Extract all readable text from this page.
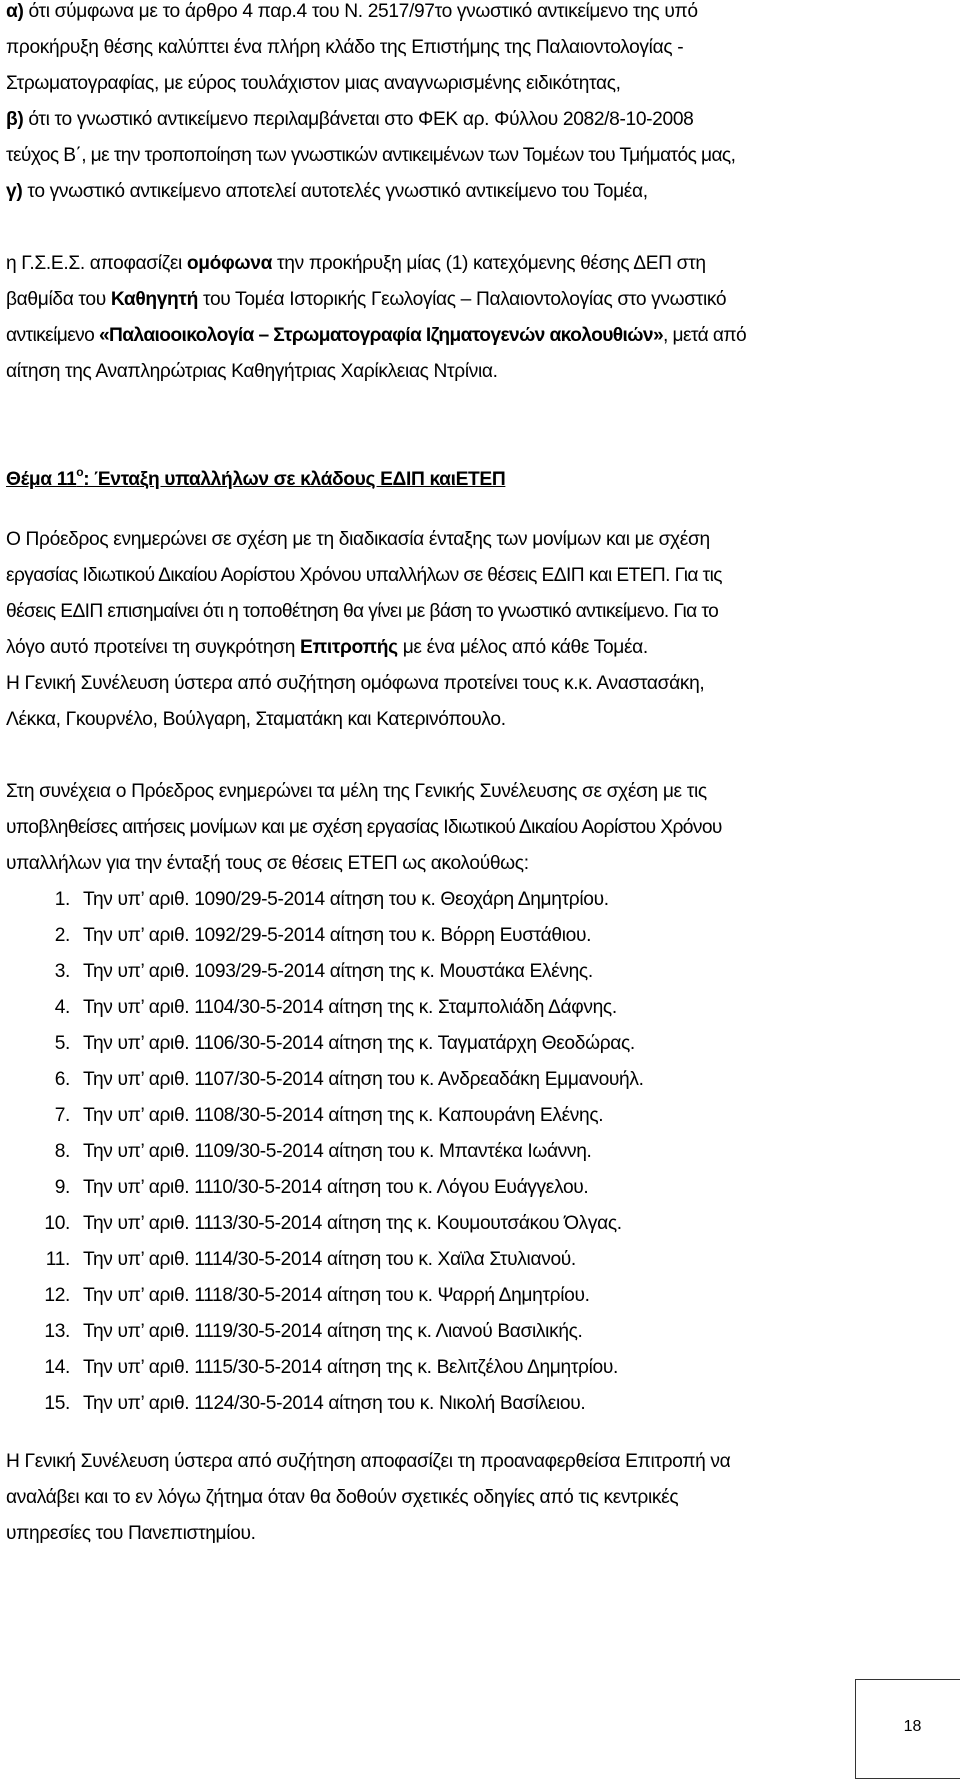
α) ότι σύμφωνα με το άρθρο 4 παρ.4 του Ν. 2517/97το γνωστικό αντικείμενο της υπό
προκήρυξη θέσης καλύπτει ένα πλήρη κλάδο της Επιστήμης της Παλαιοντολογίας -
Στρωματογραφίας, με εύρος τουλάχιστον μιας αναγνωρισμένης ειδικότητας,
β) ότι το γνωστικό αντικείμενο περιλαμβάνεται στο ΦΕΚ αρ. Φύλλου 2082/8-10-2008
τεύχος Β΄, με την τροποποίηση των γνωστικών αντικειμένων των Τομέων του Τμήματός μας,
γ) το γνωστικό αντικείμενο αποτελεί αυτοτελές γνωστικό αντικείμενο του Τομέα,
η Γ.Σ.Ε.Σ. αποφασίζει ομόφωνα την προκήρυξη μίας (1) κατεχόμενης θέσης ΔΕΠ στη
βαθμίδα του Καθηγητή του Τομέα Ιστορικής Γεωλογίας – Παλαιοντολογίας στο γνωστικό
αντικείμενο «Παλαιοοικολογία – Στρωματογραφία Ιζηματογενών ακολουθιών», μετά από
αίτηση της Αναπληρώτριας Καθηγήτριας Χαρίκλειας Ντρίνια.
Θέμα $11^o$: Ένταξη υπαλλήλων σε κλάδους ΕΔΙΠ καιΕΤΕΠ
Ο Πρόεδρος ενημερώνει σε σχέση με τη διαδικασία ένταξης των μονίμων και με σχέση
εργασίας Ιδιωτικού Δικαίου Αορίστου Χρόνου υπαλλήλων σε θέσεις ΕΔΙΠ και ΕΤΕΠ. Για τις
θέσεις ΕΔΙΠ επισημαίνει ότι η τοποθέτηση θα γίνει με βάση το γνωστικό αντικείμενο. Για το
λόγο αυτό προτείνει τη συγκρότηση Επιτροπής με ένα μέλος από κάθε Τομέα.
Η Γενική Συνέλευση ύστερα από συζήτηση ομόφωνα προτείνει τους κ.κ. Αναστασάκη,
Λέκκα, Γκουρνέλο, Βούλγαρη, Σταματάκη και Κατερινόπουλο.
Στη συνέχεια ο Πρόεδρος ενημερώνει τα μέλη της Γενικής Συνέλευσης σε σχέση με τις
υποβληθείσες αιτήσεις μονίμων και με σχέση εργασίας Ιδιωτικού Δικαίου Αορίστου Χρόνου
υπαλλήλων για την ένταξή τους σε θέσεις ΕΤΕΠ ως ακολούθως:
1. Την υπ’ αριθ. 1090/29-5-2014 αίτηση του κ. Θεοχάρη Δημητρίου.
2. Την υπ’ αριθ. 1092/29-5-2014 αίτηση του κ. Βόρρη Ευστάθιου.
3. Την υπ’ αριθ. 1093/29-5-2014 αίτηση της κ. Μουστάκα Ελένης.
4. Την υπ’ αριθ. 1104/30-5-2014 αίτηση της κ. Σταμπολιάδη Δάφνης.
5. Την υπ’ αριθ. 1106/30-5-2014 αίτηση της κ. Ταγματάρχη Θεοδώρας.
6. Την υπ’ αριθ. 1107/30-5-2014 αίτηση του κ. Ανδρεαδάκη Εμμανουήλ.
7. Την υπ’ αριθ. 1108/30-5-2014 αίτηση της κ. Καπουράνη Ελένης.
8. Την υπ’ αριθ. 1109/30-5-2014 αίτηση του κ. Μπαντέκα Ιωάννη.
9. Την υπ’ αριθ. 1110/30-5-2014 αίτηση του κ. Λόγου Ευάγγελου.
10. Την υπ’ αριθ. 1113/30-5-2014 αίτηση της κ. Κουμουτσάκου Όλγας.
11. Την υπ’ αριθ. 1114/30-5-2014 αίτηση του κ. Χαϊλα Στυλιανού.
12. Την υπ’ αριθ. 1118/30-5-2014 αίτηση του κ. Ψαρρή Δημητρίου.
13. Την υπ’ αριθ. 1119/30-5-2014 αίτηση της κ. Λιανού Βασιλικής.
14. Την υπ’ αριθ. 1115/30-5-2014 αίτηση της κ. Βελιτζέλου Δημητρίου.
15. Την υπ’ αριθ. 1124/30-5-2014 αίτηση του κ. Νικολή Βασίλειου.
Η Γενική Συνέλευση ύστερα από συζήτηση αποφασίζει τη προαναφερθείσα Επιτροπή να
αναλάβει και το εν λόγω ζήτημα όταν θα δοθούν σχετικές οδηγίες από τις κεντρικές
υπηρεσίες του Πανεπιστημίου.
18
